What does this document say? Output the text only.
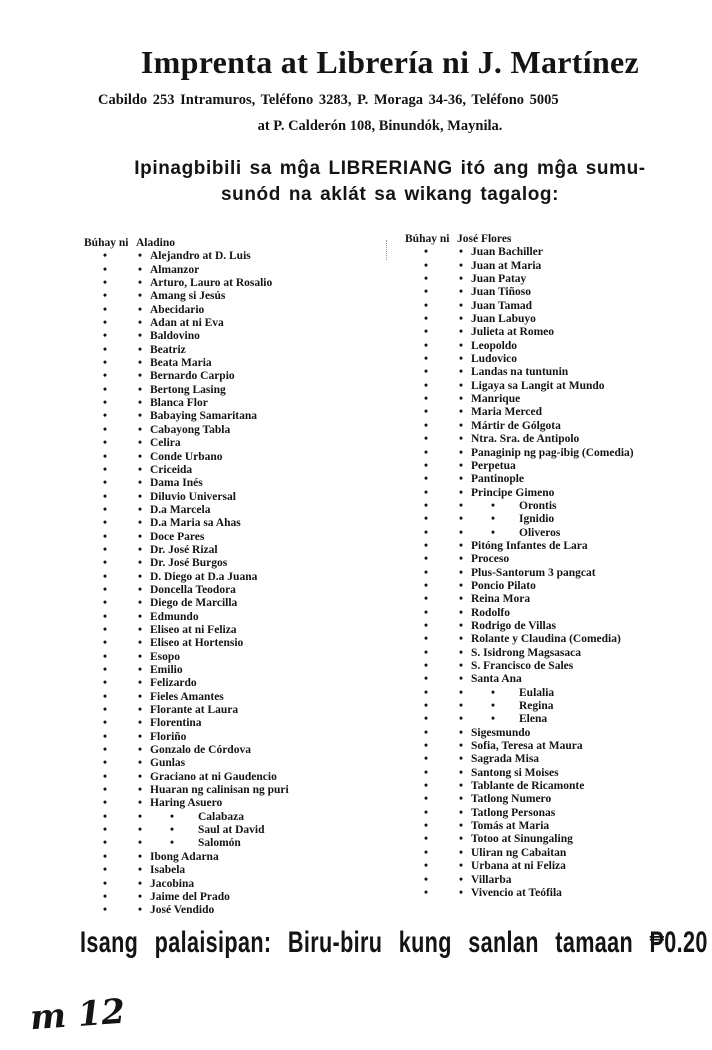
Imprenta at Librería ni J. Martínez
Cabildo 253 Intramuros, Teléfono 3283, P. Moraga 34-36, Teléfono 5005
at P. Calderón 108, Binundók, Maynila.
Ipinagbibili sa mĝa LIBRERIANG itó ang mĝa sumu-
sunód na aklát sa wikang tagalog:
Búhay ni Aladino
•	• Alejandro at D. Luis
•	• Almanzor
•	• Arturo, Lauro at Rosalio
•	• Amang si Jesús
•	• Abecidario
•	• Adan at ni Eva
•	• Baldovino
•	• Beatriz
•	• Beata Maria
•	• Bernardo Carpio
•	• Bertong Lasing
•	• Blanca Flor
•	• Babaying Samaritana
•	• Cabayong Tabla
•	• Celira
•	• Conde Urbano
•	• Criceida
•	• Dama Inés
•	• Diluvio Universal
•	• D.a Marcela
•	• D.a Maria sa Ahas
•	• Doce Pares
•	• Dr. José Rizal
•	• Dr. José Burgos
•	• D. Diego at D.a Juana
•	• Doncella Teodora
•	• Diego de Marcilla
•	• Edmundo
•	• Eliseo at ni Feliza
•	• Eliseo at Hortensio
•	• Esopo
•	• Emilio
•	• Felizardo
•	• Fieles Amantes
•	• Florante at Laura
•	• Florentina
•	• Floriño
•	• Gonzalo de Córdova
•	• Gunlas
•	• Graciano at ni Gaudencio
•	• Huaran ng calinisan ng puri
•	• Haring Asuero
•	• • Calabaza
•	• • Saul at David
•	• • Salomón
•	• Ibong Adarna
•	• Isabela
•	• Jacobina
•	• Jaime del Prado
•	• José Vendido
Búhay ni José Flores
•	• Juan Bachiller
•	• Juan at Maria
•	• Juan Patay
•	• Juan Tiñoso
•	• Juan Tamad
•	• Juan Labuyo
•	• Julieta at Romeo
•	• Leopoldo
•	• Ludovico
•	• Landas na tuntunin
•	• Ligaya sa Langit at Mundo
•	• Manrique
•	• Maria Merced
•	• Mártir de Gólgota
•	• Ntra. Sra. de Antipolo
•	• Panaginip ng pag-ibig (Comedia)
•	• Perpetua
•	• Pantinople
•	• Principe Gimeno
•	• • Orontis
•	• • Ignidio
•	• • Oliveros
•	• Pitóng Infantes de Lara
•	• Proceso
•	• Plus-Santorum 3 pangcat
•	• Poncio Pilato
•	• Reina Mora
•	• Rodolfo
•	• Rodrigo de Villas
•	• Rolante y Claudina (Comedia)
•	• S. Isidrong Magsasaca
•	• S. Francisco de Sales
•	• Santa Ana
•	• • Eulalia
•	• • Regina
•	• • Elena
•	• Sigesmundo
•	• Sofia, Teresa at Maura
•	• Sagrada Misa
•	• Santong si Moises
•	• Tablante de Ricamonte
•	• Tatlong Numero
•	• Tatlong Personas
•	• Tomás at Maria
•	• Totoo at Sinungaling
•	• Uliran ng Cabaitan
•	• Urbana at ni Feliza
•	• Villarba
•	• Vivencio at Teófila
Isang palaisipan: Biru-biru kung sanlan tamaan ₱0.20
m 12
